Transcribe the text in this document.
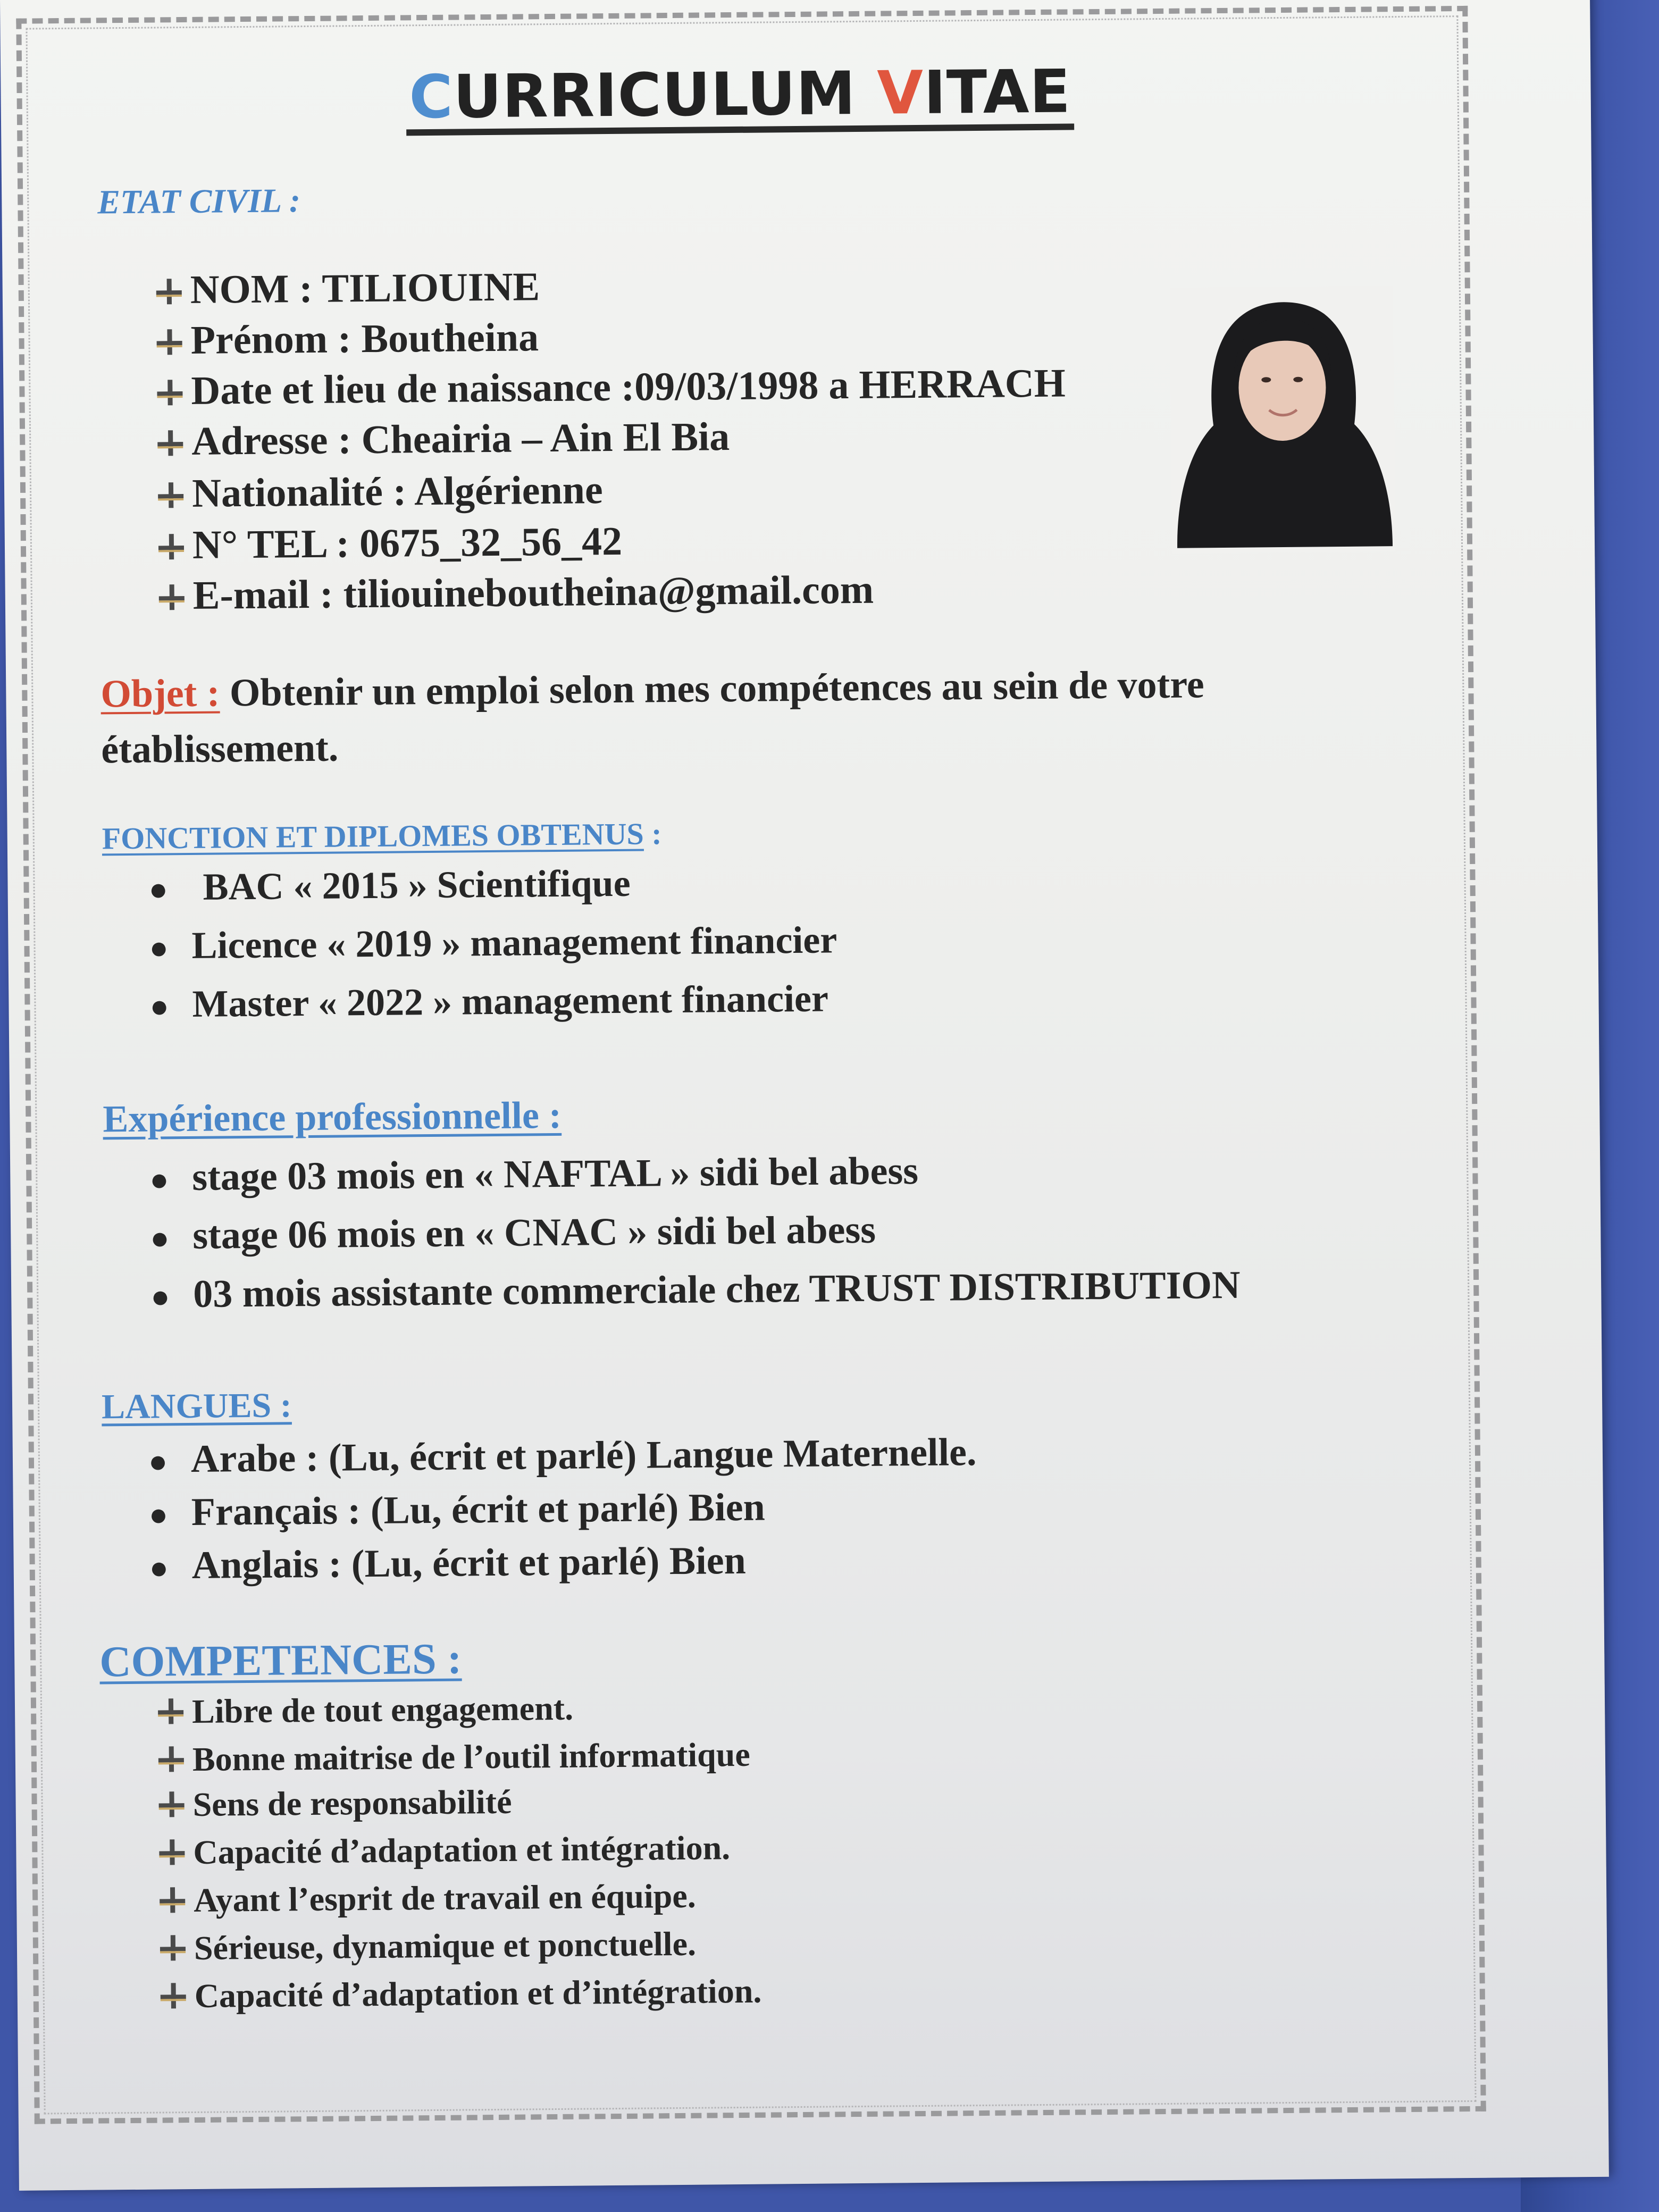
CURRICULUM VITAE
ETAT CIVIL :
NOM : TILIOUINE
Prénom : Boutheina
Date et lieu de naissance :09/03/1998 a HERRACH
Adresse : Cheairia – Ain El Bia
Nationalité : Algérienne
N° TEL : 0675_32_56_42
E-mail : tiliouineboutheina@gmail.com
Objet : Obtenir un emploi selon mes compétences au sein de votre
établissement.
FONCTION ET DIPLOMES OBTENUS :
● BAC « 2015 » Scientifique
● Licence « 2019 » management financier
● Master « 2022 » management financier
Expérience professionnelle :
● stage 03 mois en « NAFTAL » sidi bel abess
● stage 06 mois en « CNAC » sidi bel abess
● 03 mois assistante commerciale chez TRUST DISTRIBUTION
LANGUES :
● Arabe : (Lu, écrit et parlé) Langue Maternelle.
● Français : (Lu, écrit et parlé) Bien
● Anglais : (Lu, écrit et parlé) Bien
COMPETENCES :
Libre de tout engagement.
Bonne maitrise de l’outil informatique
Sens de responsabilité
Capacité d’adaptation et intégration.
Ayant l’esprit de travail en équipe.
Sérieuse, dynamique et ponctuelle.
Capacité d’adaptation et d’intégration.
